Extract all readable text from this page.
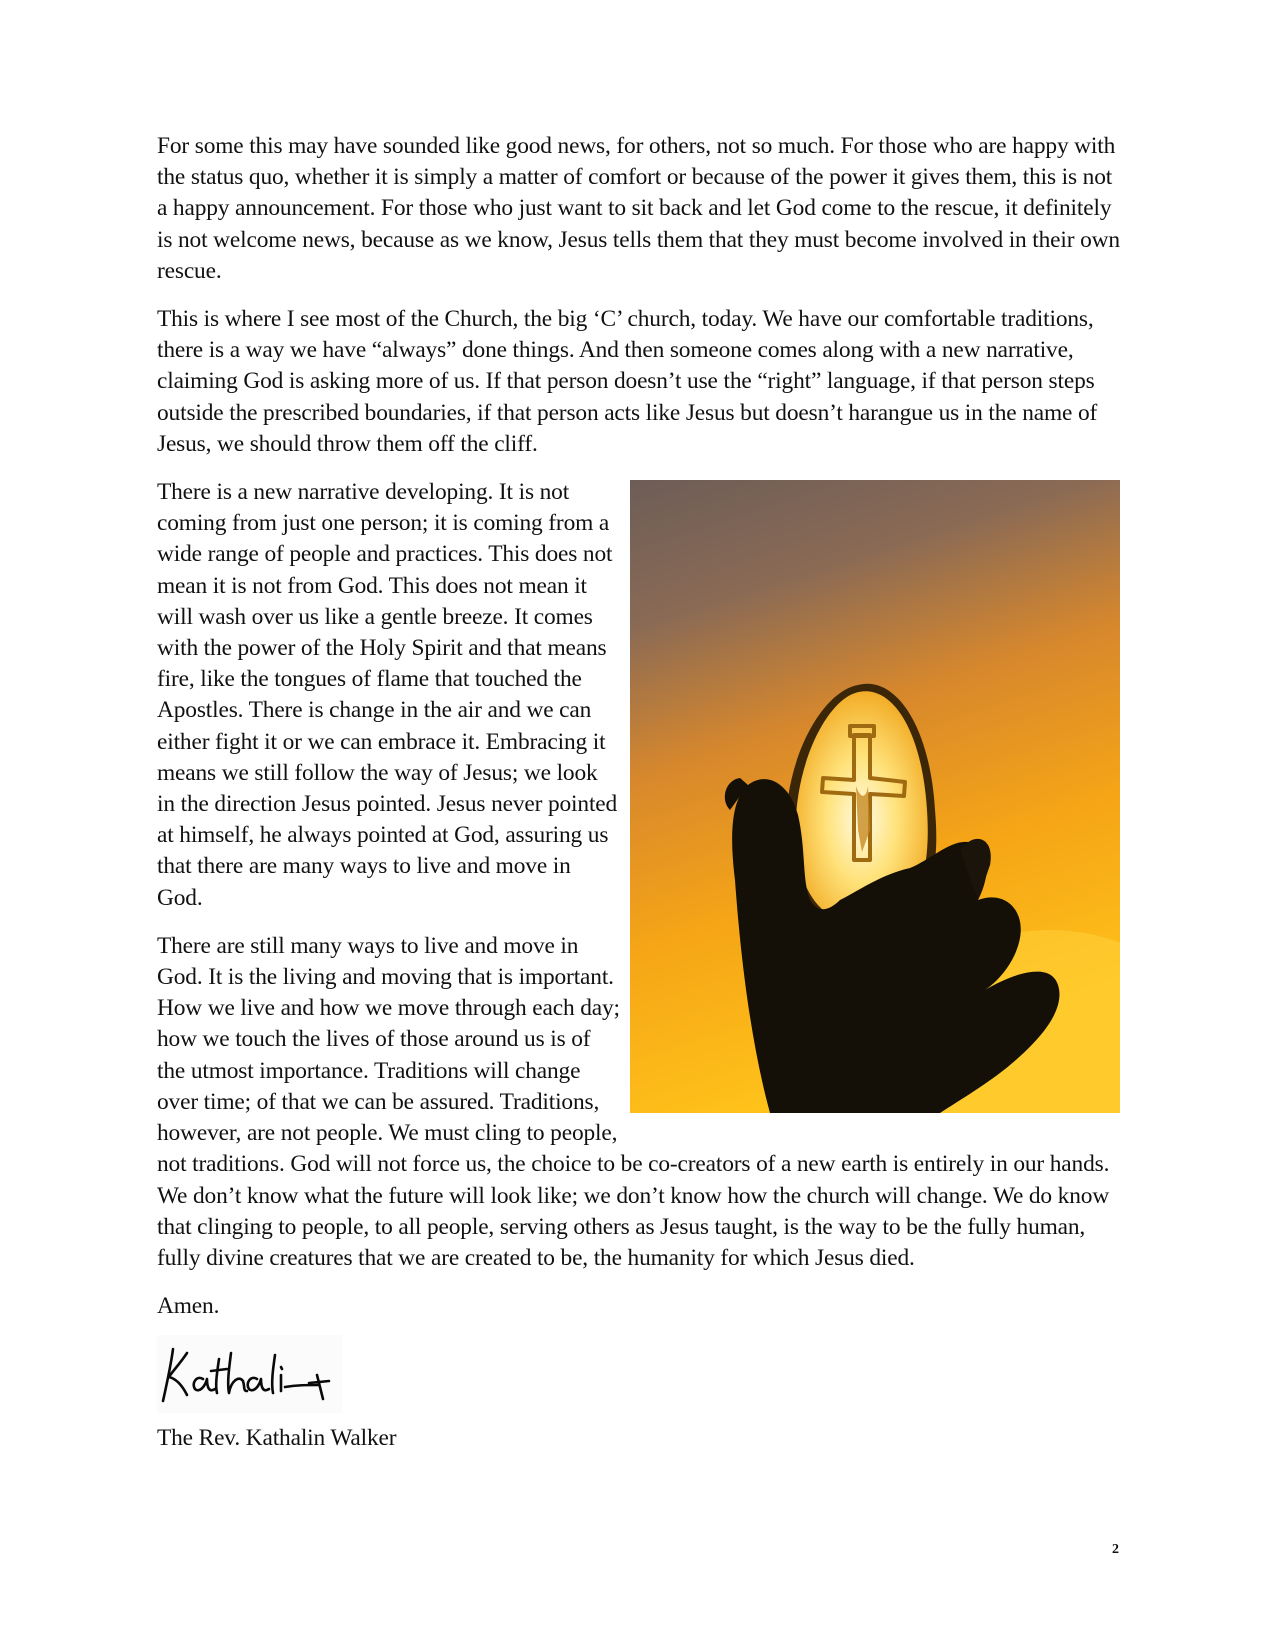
For some this may have sounded like good news, for others, not so much. For those who are happy with the status quo, whether it is simply a matter of comfort or because of the power it gives them, this is not a happy announcement. For those who just want to sit back and let God come to the rescue, it definitely is not welcome news, because as we know, Jesus tells them that they must become involved in their own rescue.

This is where I see most of the Church, the big ‘C’ church, today. We have our comfortable traditions, there is a way we have “always” done things. And then someone comes along with a new narrative, claiming God is asking more of us. If that person doesn’t use the “right” language, if that person steps outside the prescribed boundaries, if that person acts like Jesus but doesn’t harangue us in the name of Jesus, we should throw them off the cliff.

There is a new narrative developing. It is not coming from just one person; it is coming from a wide range of people and practices. This does not mean it is not from God. This does not mean it will wash over us like a gentle breeze. It comes with the power of the Holy Spirit and that means fire, like the tongues of flame that touched the Apostles. There is change in the air and we can either fight it or we can embrace it. Embracing it means we still follow the way of Jesus; we look in the direction Jesus pointed. Jesus never pointed at himself, he always pointed at God, assuring us that there are many ways to live and move in God.

There are still many ways to live and move in God. It is the living and moving that is important. How we live and how we move through each day; how we touch the lives of those around us is of the utmost importance. Traditions will change over time; of that we can be assured. Traditions, however, are not people. We must cling to people, not traditions. God will not force us, the choice to be co-creators of a new earth is entirely in our hands. We don’t know what the future will look like; we don’t know how the church will change. We do know that clinging to people, to all people, serving others as Jesus taught, is the way to be the fully human, fully divine creatures that we are created to be, the humanity for which Jesus died.

Amen.

The Rev. Kathalin Walker

2
